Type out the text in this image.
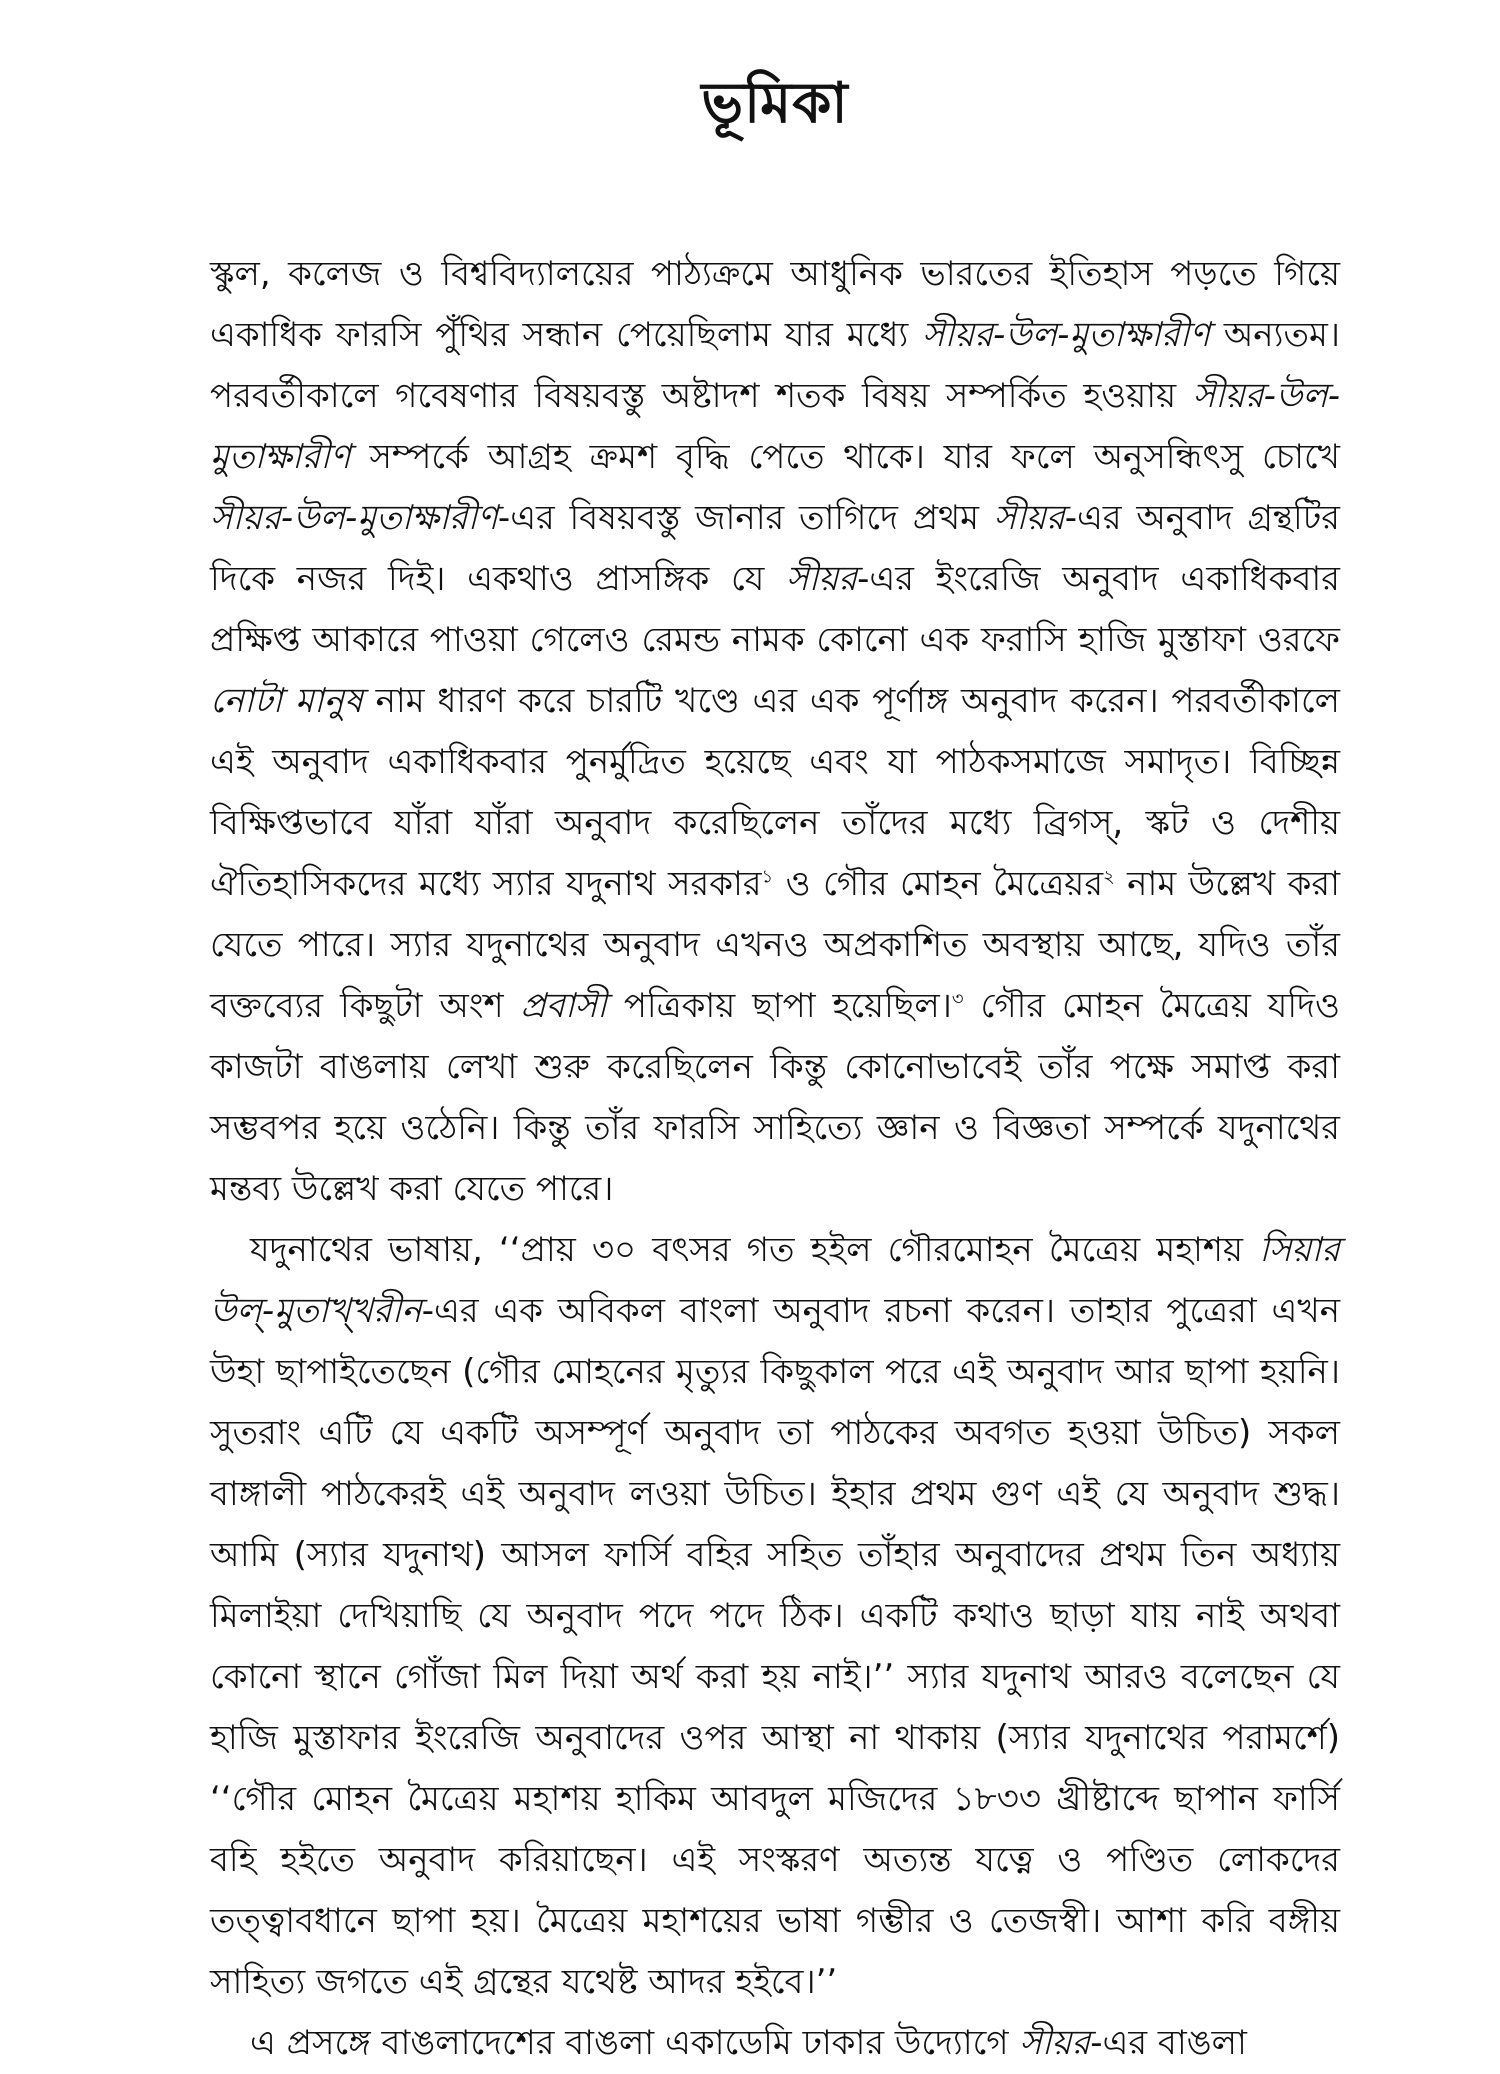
ভূমিকা

স্কুল, কলেজ ও বিশ্ববিদ্যালয়ের পাঠ্যক্রমে আধুনিক ভারতের ইতিহাস পড়তে গিয়ে একাধিক ফারসি পুঁথির সন্ধান পেয়েছিলাম যার মধ্যে সীয়র-উল-মুতাক্ষারীণ অন্যতম। পরবর্তীকালে গবেষণার বিষয়বস্তু অষ্টাদশ শতক বিষয় সম্পর্কিত হওয়ায় সীয়র-উল-মুতাক্ষারীণ সম্পর্কে আগ্রহ ক্রমশ বৃদ্ধি পেতে থাকে। যার ফলে অনুসন্ধিৎসু চোখে সীয়র-উল-মুতাক্ষারীণ-এর বিষয়বস্তু জানার তাগিদে প্রথম সীয়র-এর অনুবাদ গ্রন্থটির দিকে নজর দিই। একথাও প্রাসঙ্গিক যে সীয়র-এর ইংরেজি অনুবাদ একাধিকবার প্রক্ষিপ্ত আকারে পাওয়া গেলেও রেমন্ড নামক কোনো এক ফরাসি হাজি মুস্তাফা ওরফে নোটা মানুষ নাম ধারণ করে চারটি খণ্ডে এর এক পূর্ণাঙ্গ অনুবাদ করেন। পরবর্তীকালে এই অনুবাদ একাধিকবার পুনর্মুদ্রিত হয়েছে এবং যা পাঠকসমাজে সমাদৃত। বিচ্ছিন্ন বিক্ষিপ্তভাবে যাঁরা যাঁরা অনুবাদ করেছিলেন তাঁদের মধ্যে ব্রিগস্, স্কট ও দেশীয় ঐতিহাসিকদের মধ্যে স্যার যদুনাথ সরকার$^১$ ও গৌর মোহন মৈত্রেয়র$^২$ নাম উল্লেখ করা যেতে পারে। স্যার যদুনাথের অনুবাদ এখনও অপ্রকাশিত অবস্থায় আছে, যদিও তাঁর বক্তব্যের কিছুটা অংশ প্রবাসী পত্রিকায় ছাপা হয়েছিল।$^৩$ গৌর মোহন মৈত্রেয় যদিও কাজটা বাঙলায় লেখা শুরু করেছিলেন কিন্তু কোনোভাবেই তাঁর পক্ষে সমাপ্ত করা সম্ভবপর হয়ে ওঠেনি। কিন্তু তাঁর ফারসি সাহিত্যে জ্ঞান ও বিজ্ঞতা সম্পর্কে যদুনাথের মন্তব্য উল্লেখ করা যেতে পারে।

যদুনাথের ভাষায়, ‘‘প্রায় ৩০ বৎসর গত হইল গৌরমোহন মৈত্রেয় মহাশয় সিয়ার উল্-মুতাখ্খরীন-এর এক অবিকল বাংলা অনুবাদ রচনা করেন। তাহার পুত্রেরা এখন উহা ছাপাইতেছেন (গৌর মোহনের মৃত্যুর কিছুকাল পরে এই অনুবাদ আর ছাপা হয়নি। সুতরাং এটি যে একটি অসম্পূর্ণ অনুবাদ তা পাঠকের অবগত হওয়া উচিত) সকল বাঙ্গালী পাঠকেরই এই অনুবাদ লওয়া উচিত। ইহার প্রথম গুণ এই যে অনুবাদ শুদ্ধ। আমি (স্যার যদুনাথ) আসল ফার্সি বহির সহিত তাঁহার অনুবাদের প্রথম তিন অধ্যায় মিলাইয়া দেখিয়াছি যে অনুবাদ পদে পদে ঠিক। একটি কথাও ছাড়া যায় নাই অথবা কোনো স্থানে গোঁজা মিল দিয়া অর্থ করা হয় নাই।’’ স্যার যদুনাথ আরও বলেছেন যে হাজি মুস্তাফার ইংরেজি অনুবাদের ওপর আস্থা না থাকায় (স্যার যদুনাথের পরামর্শে) ‘‘গৌর মোহন মৈত্রেয় মহাশয় হাকিম আবদুল মজিদের ১৮৩৩ খ্রীষ্টাব্দে ছাপান ফার্সি বহি হইতে অনুবাদ করিয়াছেন। এই সংস্করণ অত্যন্ত যত্নে ও পণ্ডিত লোকদের তত্ত্বাবধানে ছাপা হয়। মৈত্রেয় মহাশয়ের ভাষা গম্ভীর ও তেজস্বী। আশা করি বঙ্গীয় সাহিত্য জগতে এই গ্রন্থের যথেষ্ট আদর হইবে।’’

এ প্রসঙ্গে বাঙলাদেশের বাঙলা একাডেমি ঢাকার উদ্যোগে সীয়র-এর বাঙলা
